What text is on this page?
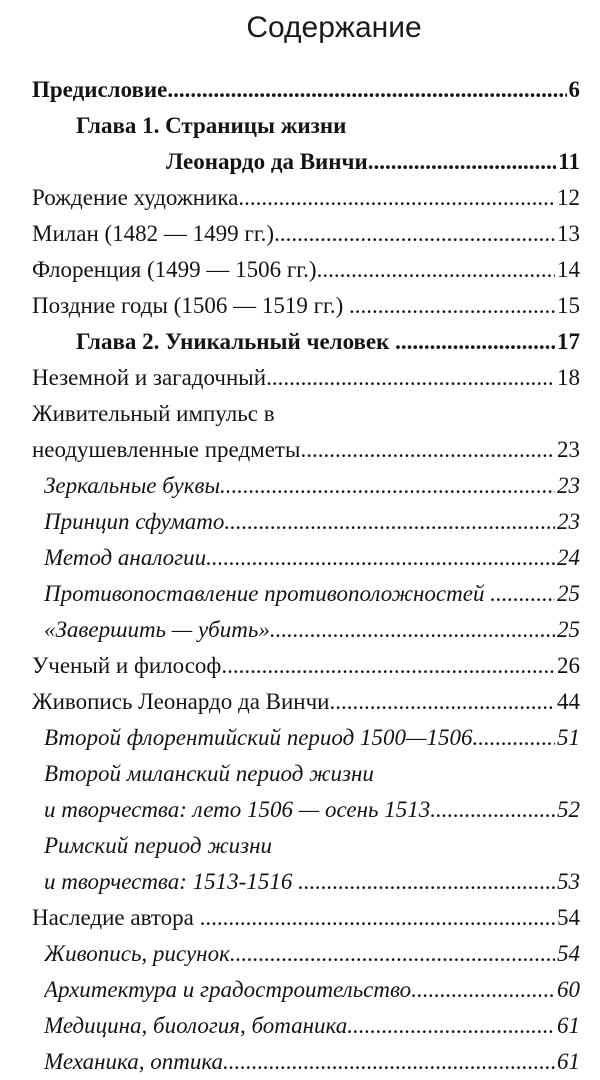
Содержание
Предисловие .....	6
Глава 1. Страницы жизни
Леонардо да Винчи .....	11
Рождение художника .....	12
Милан (1482 — 1499 гг.) .....	13
Флоренция (1499 — 1506 гг.) .....	14
Поздние годы (1506 — 1519 гг.) .....	15
Глава 2. Уникальный человек .....	17
Неземной и загадочный .....	18
Живительный импульс в
неодушевленные предметы .....	23
Зеркальные буквы .....	23
Принцип сфумато .....	23
Метод аналогии .....	24
Противопоставление противоположностей .....	25
«Завершить — убить» .....	25
Ученый и философ .....	26
Живопись Леонардо да Винчи .....	44
Второй флорентийский период 1500—1506. .....	51
Второй миланский период жизни
и творчества: лето 1506 — осень 1513 .....	52
Римский период жизни
и творчества: 1513-1516 .....	53
Наследие автора .....	54
Живопись, рисунок .....	54
Архитектура и градостроительство .....	60
Медицина, биология, ботаника .....	61
Механика, оптика .....	61
